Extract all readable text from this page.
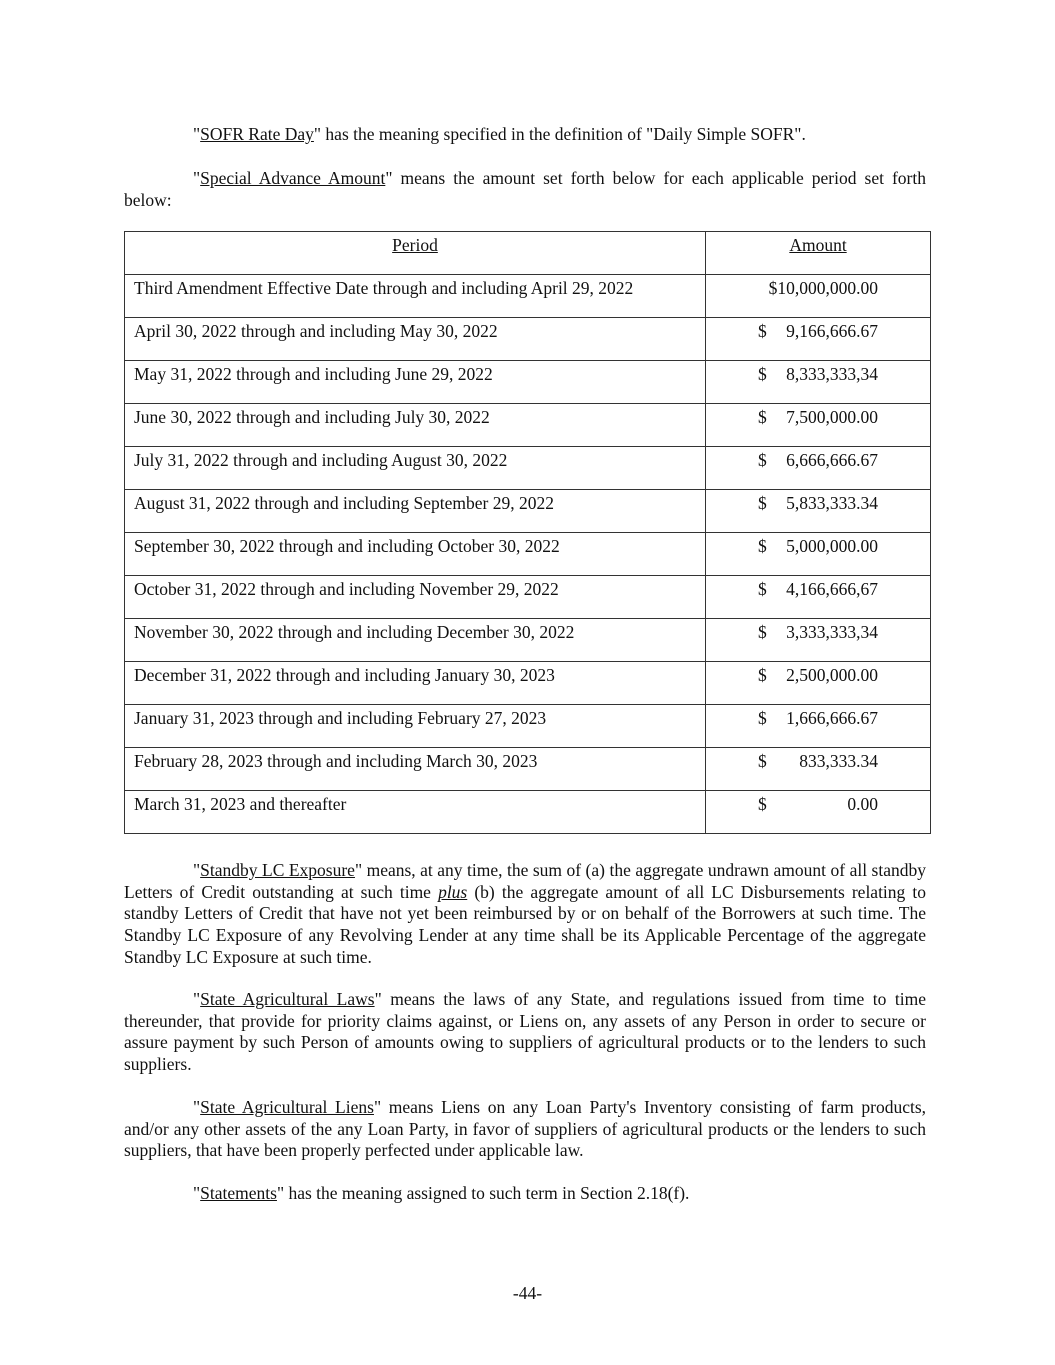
"SOFR Rate Day" has the meaning specified in the definition of "Daily Simple SOFR".

"Special Advance Amount" means the amount set forth below for each applicable period set forth below:

Period	Amount

Third Amendment Effective Date through and including April 29, 2022	$10,000,000.00

April 30, 2022 through and including May 30, 2022	$ 9,166,666.67

May 31, 2022 through and including June 29, 2022	$ 8,333,333,34

June 30, 2022 through and including July 30, 2022	$ 7,500,000.00

July 31, 2022 through and including August 30, 2022	$ 6,666,666.67

August 31, 2022 through and including September 29, 2022	$ 5,833,333.34

September 30, 2022 through and including October 30, 2022	$ 5,000,000.00

October 31, 2022 through and including November 29, 2022	$ 4,166,666,67

November 30, 2022 through and including December 30, 2022	$ 3,333,333,34

December 31, 2022 through and including January 30, 2023	$ 2,500,000.00

January 31, 2023 through and including February 27, 2023	$ 1,666,666.67

February 28, 2023 through and including March 30, 2023	$ 833,333.34

March 31, 2023 and thereafter	$ 0.00

"Standby LC Exposure" means, at any time, the sum of (a) the aggregate undrawn amount of all standby Letters of Credit outstanding at such time plus (b) the aggregate amount of all LC Disbursements relating to standby Letters of Credit that have not yet been reimbursed by or on behalf of the Borrowers at such time. The Standby LC Exposure of any Revolving Lender at any time shall be its Applicable Percentage of the aggregate Standby LC Exposure at such time.

"State Agricultural Laws" means the laws of any State, and regulations issued from time to time thereunder, that provide for priority claims against, or Liens on, any assets of any Person in order to secure or assure payment by such Person of amounts owing to suppliers of agricultural products or to the lenders to such suppliers.

"State Agricultural Liens" means Liens on any Loan Party's Inventory consisting of farm products, and/or any other assets of the any Loan Party, in favor of suppliers of agricultural products or the lenders to such suppliers, that have been properly perfected under applicable law.

"Statements" has the meaning assigned to such term in Section 2.18(f).

-44-
